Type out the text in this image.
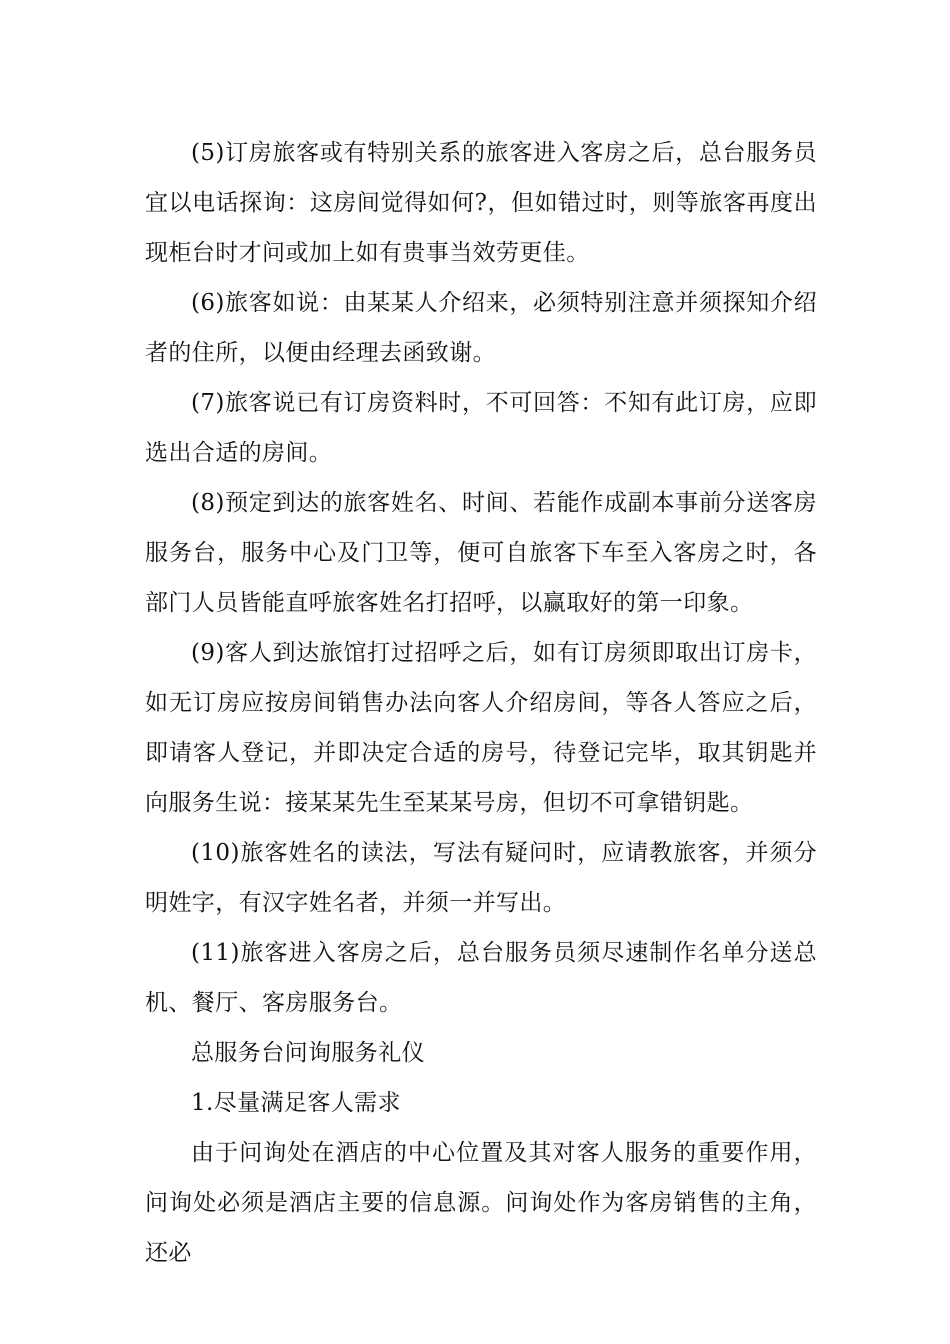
(5)订房旅客或有特别关系的旅客进入客房之后，总台服务员宜以电话探询：这房间觉得如何?，但如错过时，则等旅客再度出现柜台时才问或加上如有贵事当效劳更佳。

(6)旅客如说：由某某人介绍来，必须特别注意并须探知介绍者的住所，以便由经理去函致谢。

(7)旅客说已有订房资料时，不可回答：不知有此订房，应即选出合适的房间。

(8)预定到达的旅客姓名、时间、若能作成副本事前分送客房服务台，服务中心及门卫等，便可自旅客下车至入客房之时，各部门人员皆能直呼旅客姓名打招呼，以赢取好的第一印象。

(9)客人到达旅馆打过招呼之后，如有订房须即取出订房卡，如无订房应按房间销售办法向客人介绍房间，等各人答应之后，即请客人登记，并即决定合适的房号，待登记完毕，取其钥匙并向服务生说：接某某先生至某某号房，但切不可拿错钥匙。

(10)旅客姓名的读法，写法有疑问时，应请教旅客，并须分明姓字，有汉字姓名者，并须一并写出。

(11)旅客进入客房之后，总台服务员须尽速制作名单分送总机、餐厅、客房服务台。

总服务台问询服务礼仪

1.尽量满足客人需求

由于问询处在酒店的中心位置及其对客人服务的重要作用，问询处必须是酒店主要的信息源。问询处作为客房销售的主角，还必
